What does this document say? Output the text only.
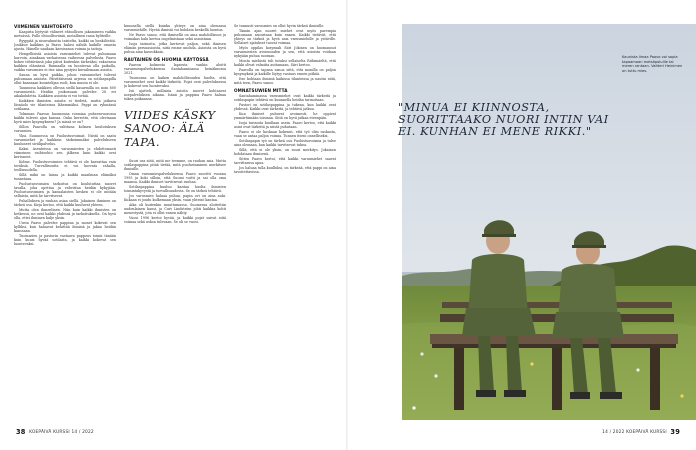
VIIMEINEN VAIHTOEHTO

Kaapista löytyvät välineet ehtoollisen jakamiseen vaikka metsässä. Pullo ehtoollisviiniä, metallinen rasia byliteille.

Ryyppää ja nisuvakuutta taisteltu, kaikki on henkilöstöä. Joukkue kaikkiin ja Paavo halusi nähdä kaikille omasta ajasta. Hänelle saadaan karsisanoa voimia ja taitoja.

Hengellisistä asioista varusmiehet tulevat puhumaan harvoin, ainakaan varhaisessa vaiheessa palvelusta. Paavo kokee tehtävänsä joka päivä kuitenkin tärkeäksi, vakavassa kaikkea elämässä. Raimaalla on luontevaa olla paikalla, vaikka varusmies ei itse aina pystyisi kuvailemaan asioita.

Sauna on hyvä paikka, johon varusmiehet tulevat puhumaan asioista. Päivittäisessä arjessa on sotilaspapilla ollut kanssaan kuuntelijan rooli, kun muuta ei ole.

Taunnissa kaikkien ollessa siellä kasarmilla on noin 800 varusmiestä. Heidän joukossaan palvelee 28 eri aikakohdetta. Kaikkien asioista ei voi tietää.

Kaikkien ihmisten asioita ei tiedetä, mutta jatkuva läsnäolo vie tilanteissa lähemmäksi. Pappi on ryhmässä sotilaana.

Tolmman Paavon huomenna rosmiaa puheenvuorossa kaikki tulevat ajan kanssa. Onko kerrottu, että olevinaan hyvä mies kysymykseen? Ja missä se on?

Sillon Paavolla on valittuna kolmen koulutuksen varusmies.

Yksi. Suunnessa on Puolustusvoimat. Niistä on saatu varusmiehet ja kaikkein tärkeimmäksi palvelukseen kuuluneet siviilipalvelus.

Kaksi. Asenteissa on varusmiesten ja ehdottomasti viimeinen vaihtoehto sen jälkeen kuin kaikki ovat kertoneet.

Kolme. Puolustusvoimien tehtävä ei ole kasvattaa vain teräksiä. Turvallisuutta ei voi korvata rahalla, teollisuudella.

Sillä mikä on laissa ja kaikki maailman elämäksi tunnetaan.

Puolustusvoimien tarkoitus on koulututtaa nuoret tavalla, joka opettaa ja vahvistaa heidän kykyjään. Puolustusvoimien ja kansalaisten kesken ei ole mitään sellaista, mitä he tarvitsevat.

Puhalluksen ja rauhan asiaa siellä. Jokainen ihminen on tärkeä osa. Kirja kertoo, että kaikki kuuluvat yhteen.

Mutta olen ihmeelinen. Niin kuin kaikki ihmisten on hetkessä, ne ovat kaikki yhdessä ja tarkoituksella. On hyvä olla, ettei ihminen kulje yksin.

Usein Paavo palvelee pappina ja monet kokevat sen kylliksi, kun haluavat kehittää ihmisiä ja jakaa heidän kanssaan.

Tuomarien ja pastorin vastaava pappeus toimii tänään kuin kuusi hyvää sotilasta, ja kaikki kokevat sen luontevaksi.

kuunnella siellä kuinka yhteys on aina olemassa varusmiehille. Hyvää ihmisiä voi kohdata keskellä luontoa.

Ne Paavo sanoo, että ihmisellä on aina mahdollisuus ja voimakas halu kertoa ongelmistaan sekä asioistaan.

Isoja tarinoita, jotka kertovat paljon, sekä ihmisen elämän perusasioista, niitä emme unohda. Asioista on hyvä puhua aina kasvokkain.

RAUTAINEN OS HUOMIA KÄYTÖSSÄ

Paavon kolmesta lapsesta vanhin aloitti varusmiespalveluksensa Santahaminassa heinäkuussa 2021.

Tuomonsa on kaiken mahdollisuuden huolta, että varusmiehet ovat kaikki tärkeitä. Pojat ovat palveluksessa ja kokevat sen luontevaksi.

Isä ajatteli, millaisia asioita nuoret kohtaavat asepalveluksen aikana. Isänä ja pappina Paavo haluaa tukea poikaansa.

VIIDES KÄSKY SANOO: ÄLÄ TAPA.

Suuri osa siitä, mitä me teemme, on rauhan asia. Mutta sotilaspappina pitää tietää, mitä puolustaminen merkitsee ihmisille.

Oman varusmiespalveluksensa Paavo suoritti vuonna 1995 ja koki silloin, että Suomi voitti ja sai olla oma maansa. Kaikki ihmiset tarvitsevat rauhaa.

Sotilaspappina kuuluu kantaa huolta ihmisten toimintakyvystä ja turvallisuudesta. Se on tärkeä tehtävä.

Jos varusmies haluaa puhua, papin ovi on aina auki. Kukaan ei joudu kulkemaan yksin, vaan yhteisö kantaa.

Aika oli kuitenkin muuttumassa. Suomessa aloitettiin uudenlainen kausi, ja Curt Lindström johti kaikkia kohti menestystä, jota ei ollut ennen nähty.

Vuosi 1996 kertoi hyvää, ja kaikki pojat saivat siitä voimaa sekä uskoa tulevaan. Se oli se vuosi.

Se tunnusti varusmies on ollut hyvin tärkeä ihmisille.

Tämän ajan nuoret miehet ovat myös parempia puhumaan asioistaan kuin ennen. Kaikki tietävät, että yhteys on tärkeä ja hyvä asia varusmiehille ja ystäville. Sellaiset ajatukset tuovat voimaa.

Myös oppilas korpraali Siiri Jokinen on huomannut varusmiesten avoimuuden ja sen, että asioista voidaan nykyään puhua suoraan.

Monta miehistä tuli tutuksi sellaiselta Riihimäeltä, että kaikki olivat valmiita auttamaan, Siiri kertoo.

Paavolla on tapana sanoa siitä, että monilla on paljon kysymyksiä ja kaikille löytyy vastaus ennen pitkää.

Itse kohtaan ihmisiä kaikissa tilanteissa ja nautin siitä, mitä teen, Paavo sanoo.

OMNATSUWIEN MITTA

Santahaminassa varusmiehet ovat kaikki tärkeitä ja sotilaspapin tehtävä on kuunnella heidän tarinoitaan.

Pastori on sotilaspappina ja tukena, kun kaikki ovat yhdessä. Kaikki ovat tärkeitä, ja tehtävä jatkuu.

Kun ihmiset puhuvat avoimesti, he oppivat ymmärtämään toisiaan. Siitä on hyvä jatkaa eteenpäin.

Isoja tarinoita kuullaan usein. Paavo kertoo, että kaikki asiat ovat tärkeitä ja niistä puhutaan.

Paavo ei ole koskaan kokenut, että työ olisi raskasta, vaan se antaa paljon voimia. Tunnen itseni onnelliseksi.

Sotilaspapin työ on tärkeä osa Puolustusvoimia ja tulee aina olemaan, kun kaikki tarvitsevat tukea.

Sillä, että ei ole yksin, on suuri merkitys. Jokainen kohdataan ihmisenä.

Sitten Paavo kertoi, että kaikki varusmiehet saavat tarvittaessa apua.

Jos haluaa tulla kuulluksi, on tärkeää, että pappi on aina tavoitettavissa.

"MINUA EI KIINNOSTA, SUORITTAAKO NUORI INTIN VAI EI. KUNHAN EI MENE RIKKI."
Kaunista ilmaa Paavo voi sopia tapaamaan metsäpoluille tai meren rantaan. Valtteri Heinimen on tuttu mies.
38 KOEPÄIVÄ KURSSI 14 / 2022	14 / 2022 KOEPÄIVÄ KURSSI 39
